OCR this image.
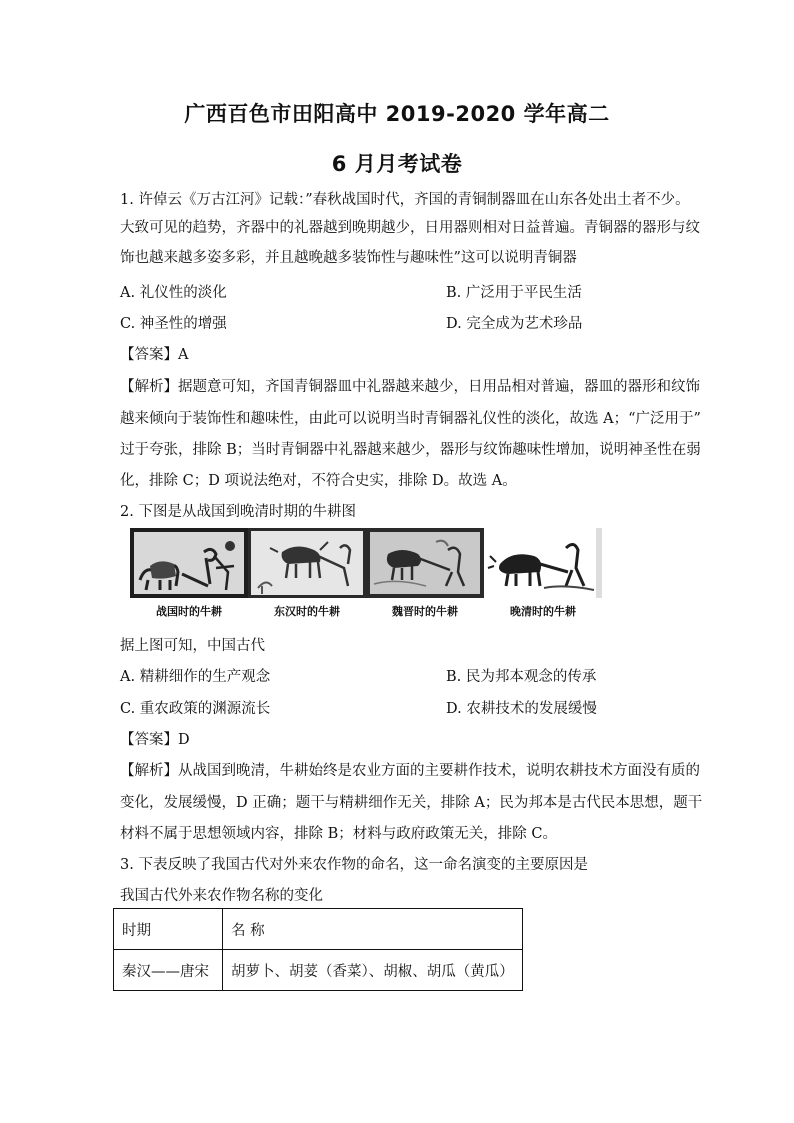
广西百色市田阳高中 2019-2020 学年高二
6 月月考试卷
1. 许倬云《万古江河》记载：”春秋战国时代，齐国的青铜制器皿在山东各处出土者不少。
大致可见的趋势，齐器中的礼器越到晚期越少，日用器则相对日益普遍。青铜器的器形与纹
饰也越来越多姿多彩，并且越晚越多装饰性与趣味性”这可以说明青铜器
A. 礼仪性的淡化	B. 广泛用于平民生活
C. 神圣性的增强	D. 完全成为艺术珍品
【答案】A
【解析】据题意可知，齐国青铜器皿中礼器越来越少，日用品相对普遍，器皿的器形和纹饰
越来倾向于装饰性和趣味性，由此可以说明当时青铜器礼仪性的淡化，故选 A；“广泛用于”
过于夸张，排除 B；当时青铜器中礼器越来越少，器形与纹饰趣味性增加，说明神圣性在弱
化，排除 C；D 项说法绝对，不符合史实，排除 D。故选 A。
2. 下图是从战国到晚清时期的牛耕图
战国时的牛耕	东汉时的牛耕	魏晋时的牛耕	晚清时的牛耕
据上图可知，中国古代
A. 精耕细作的生产观念	B. 民为邦本观念的传承
C. 重农政策的渊源流长	D. 农耕技术的发展缓慢
【答案】D
【解析】从战国到晚清，牛耕始终是农业方面的主要耕作技术，说明农耕技术方面没有质的
变化，发展缓慢，D 正确；题干与精耕细作无关，排除 A；民为邦本是古代民本思想，题干
材料不属于思想领域内容，排除 B；材料与政府政策无关，排除 C。
3. 下表反映了我国古代对外来农作物的命名，这一命名演变的主要原因是
我国古代外来农作物名称的变化
时期	名 称
秦汉——唐宋	胡萝卜、胡荽（香菜）、胡椒、胡瓜（黄瓜）
